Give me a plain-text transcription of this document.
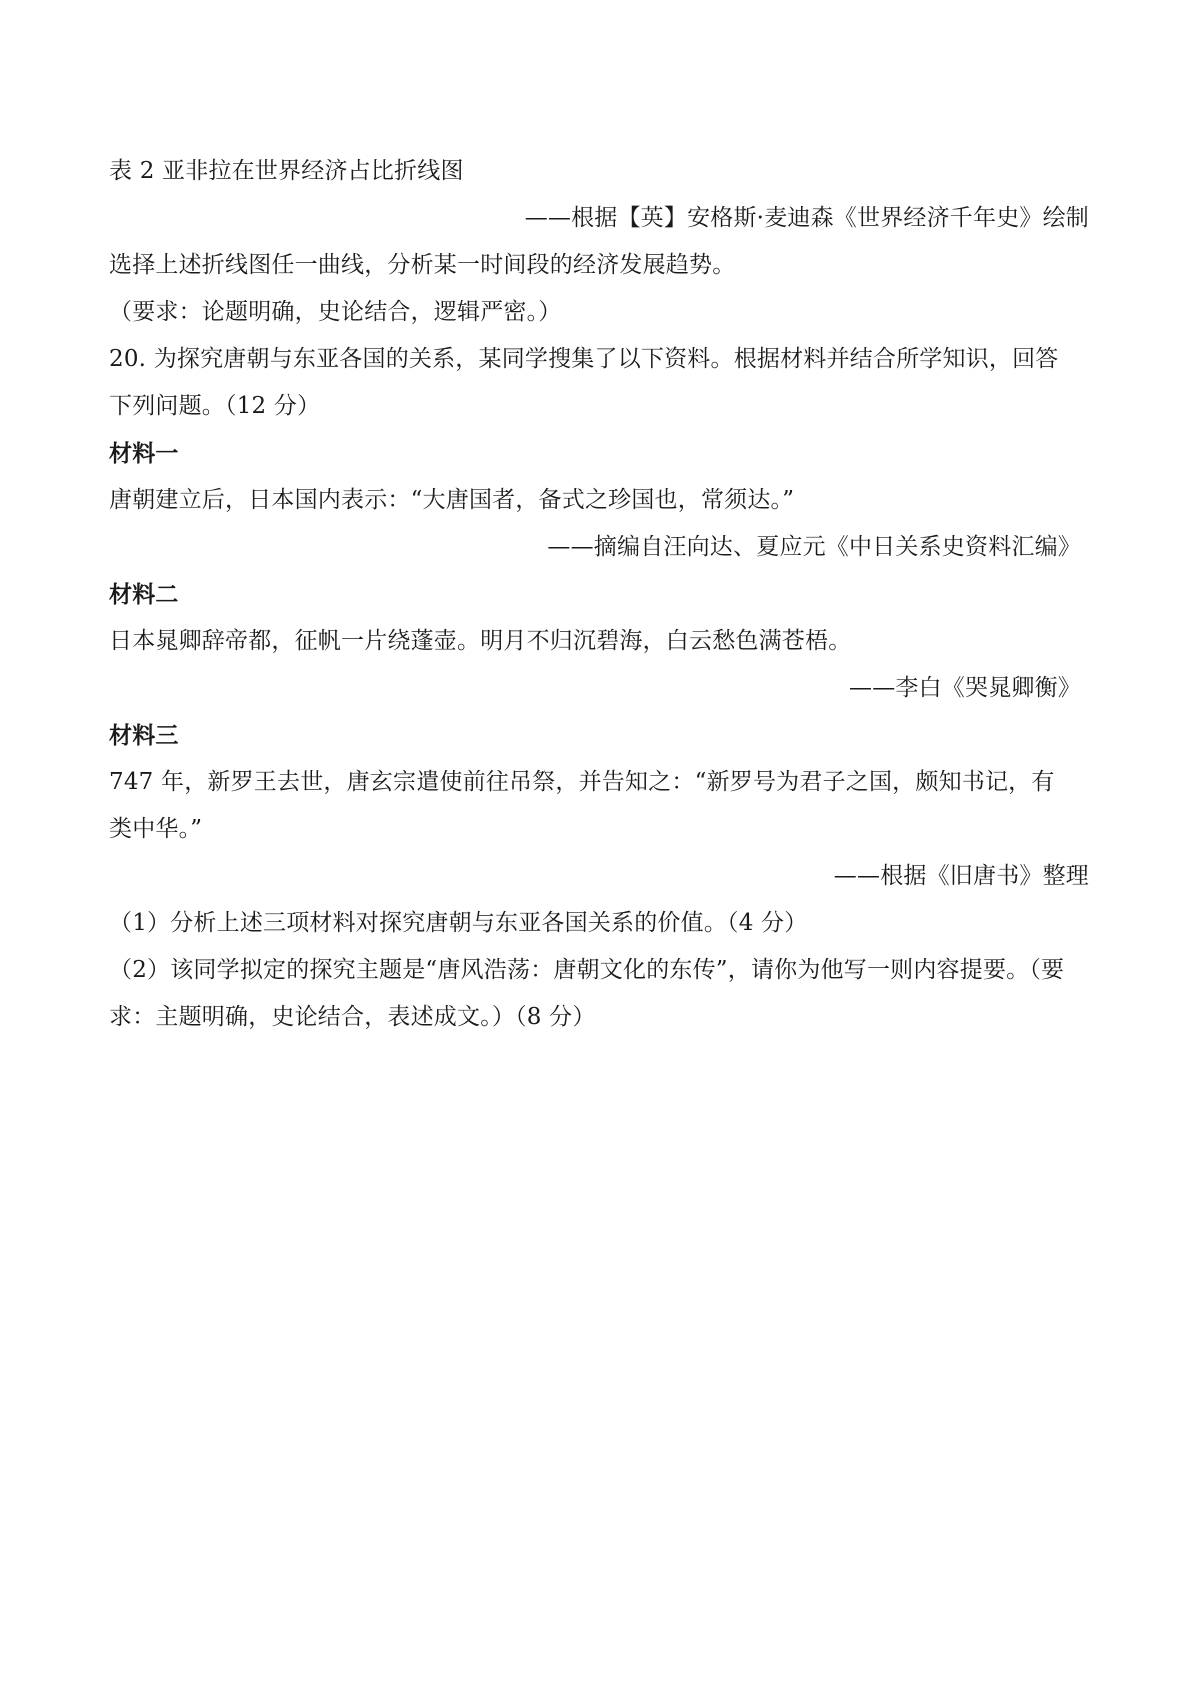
表 2 亚非拉在世界经济占比折线图
——根据【英】安格斯·麦迪森《世界经济千年史》绘制
选择上述折线图任一曲线，分析某一时间段的经济发展趋势。
（要求：论题明确，史论结合，逻辑严密。）
20. 为探究唐朝与东亚各国的关系，某同学搜集了以下资料。根据材料并结合所学知识，回答
下列问题。（12 分）
材料一
唐朝建立后，日本国内表示：“大唐国者，备式之珍国也，常须达。”
——摘编自汪向达、夏应元《中日关系史资料汇编》
材料二
日本晁卿辞帝都，征帆一片绕蓬壶。明月不归沉碧海，白云愁色满苍梧。
——李白《哭晁卿衡》
材料三
747 年，新罗王去世，唐玄宗遣使前往吊祭，并告知之：“新罗号为君子之国，颇知书记，有
类中华。”
——根据《旧唐书》整理
（1）分析上述三项材料对探究唐朝与东亚各国关系的价值。（4 分）
（2）该同学拟定的探究主题是“唐风浩荡：唐朝文化的东传”，请你为他写一则内容提要。（要
求：主题明确，史论结合，表述成文。）（8 分）
